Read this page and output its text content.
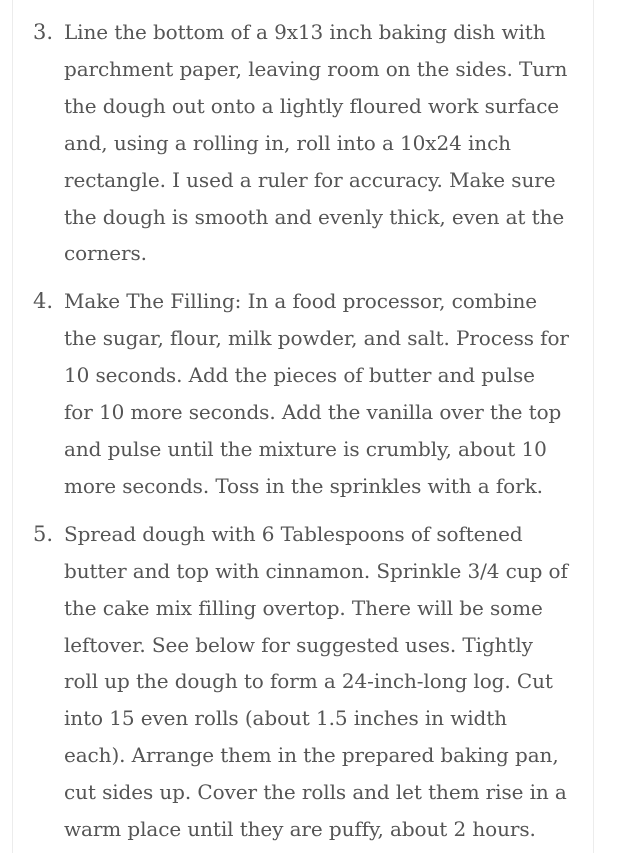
3. Line the bottom of a 9x13 inch baking dish with parchment paper, leaving room on the sides. Turn the dough out onto a lightly floured work surface and, using a rolling in, roll into a 10x24 inch rectangle. I used a ruler for accuracy. Make sure the dough is smooth and evenly thick, even at the corners.

4. Make The Filling: In a food processor, combine the sugar, flour, milk powder, and salt. Process for 10 seconds. Add the pieces of butter and pulse for 10 more seconds. Add the vanilla over the top and pulse until the mixture is crumbly, about 10 more seconds. Toss in the sprinkles with a fork.

5. Spread dough with 6 Tablespoons of softened butter and top with cinnamon. Sprinkle 3/4 cup of the cake mix filling overtop. There will be some leftover. See below for suggested uses. Tightly roll up the dough to form a 24-inch-long log. Cut into 15 even rolls (about 1.5 inches in width each). Arrange them in the prepared baking pan, cut sides up. Cover the rolls and let them rise in a warm place until they are puffy, about 2 hours.
